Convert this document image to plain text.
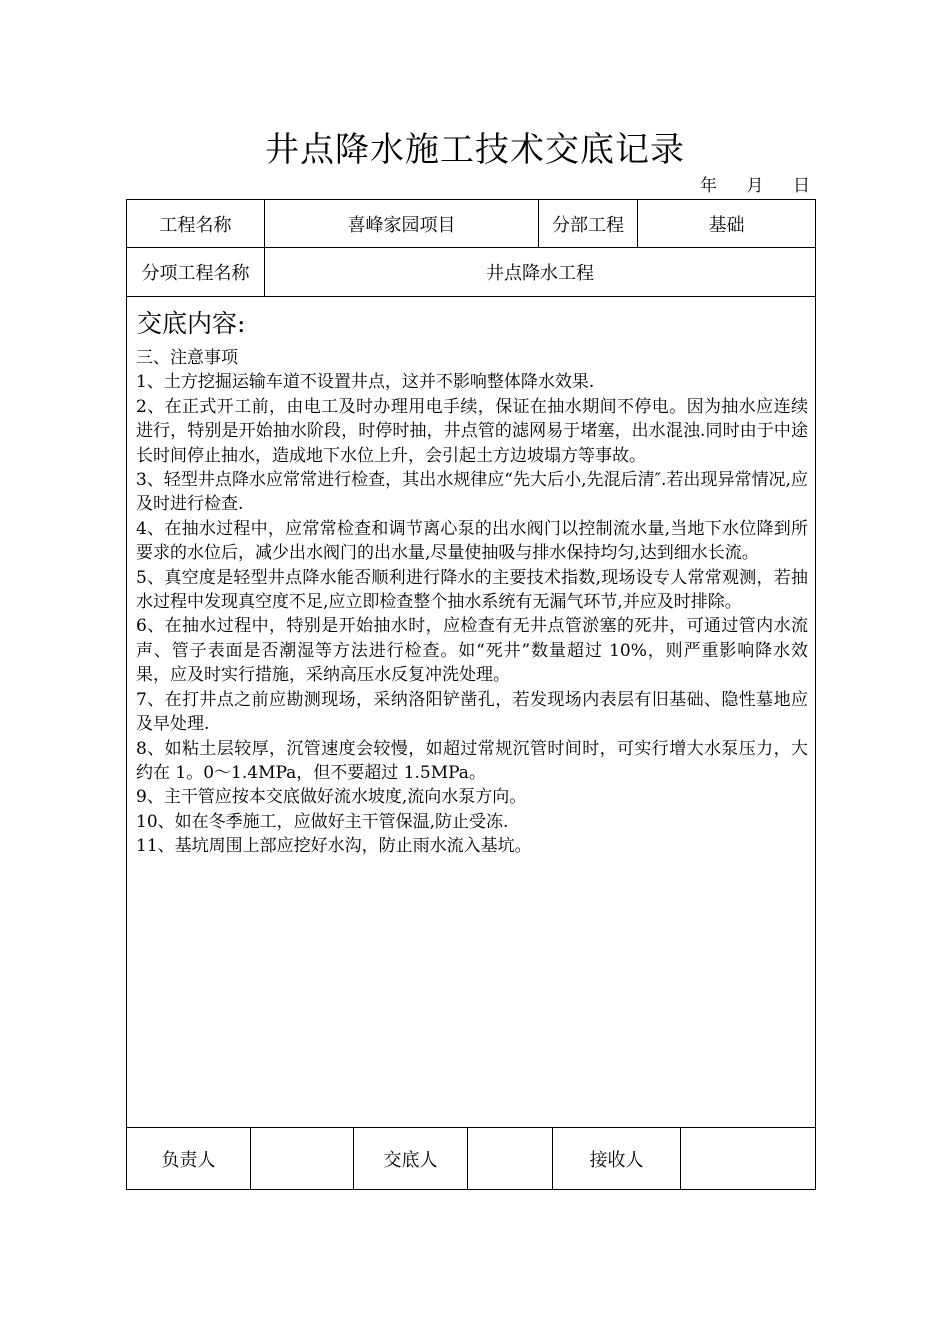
井点降水施工技术交底记录
年 月 日
工程名称	喜峰家园项目	分部工程	基础
分项工程名称	井点降水工程
交底内容:

三、注意事项

1、土方挖掘运输车道不设置井点，这并不影响整体降水效果.

2、在正式开工前，由电工及时办理用电手续，保证在抽水期间不停电。因为抽水应连续进行，特别是开始抽水阶段，时停时抽，井点管的滤网易于堵塞，出水混浊.同时由于中途长时间停止抽水，造成地下水位上升，会引起土方边坡塌方等事故。

3、轻型井点降水应常常进行检查，其出水规律应“先大后小,先混后清″.若出现异常情况,应及时进行检查.

4、在抽水过程中，应常常检查和调节离心泵的出水阀门以控制流水量,当地下水位降到所要求的水位后，减少出水阀门的出水量,尽量使抽吸与排水保持均匀,达到细水长流。

5、真空度是轻型井点降水能否顺利进行降水的主要技术指数,现场设专人常常观测，若抽水过程中发现真空度不足,应立即检查整个抽水系统有无漏气环节,并应及时排除。

6、在抽水过程中，特别是开始抽水时，应检查有无井点管淤塞的死井，可通过管内水流声、管子表面是否潮湿等方法进行检查。如“死井”数量超过 10%，则严重影响降水效果，应及时实行措施，采纳高压水反复冲洗处理。

7、在打井点之前应勘测现场，采纳洛阳铲凿孔，若发现场内表层有旧基础、隐性墓地应及早处理.

8、如粘土层较厚，沉管速度会较慢，如超过常规沉管时间时，可实行增大水泵压力，大约在 1。0～1.4MPa，但不要超过 1.5MPa。

9、主干管应按本交底做好流水坡度,流向水泵方向。

10、如在冬季施工，应做好主干管保温,防止受冻.

11、基坑周围上部应挖好水沟，防止雨水流入基坑。

负责人	交底人	接收人
